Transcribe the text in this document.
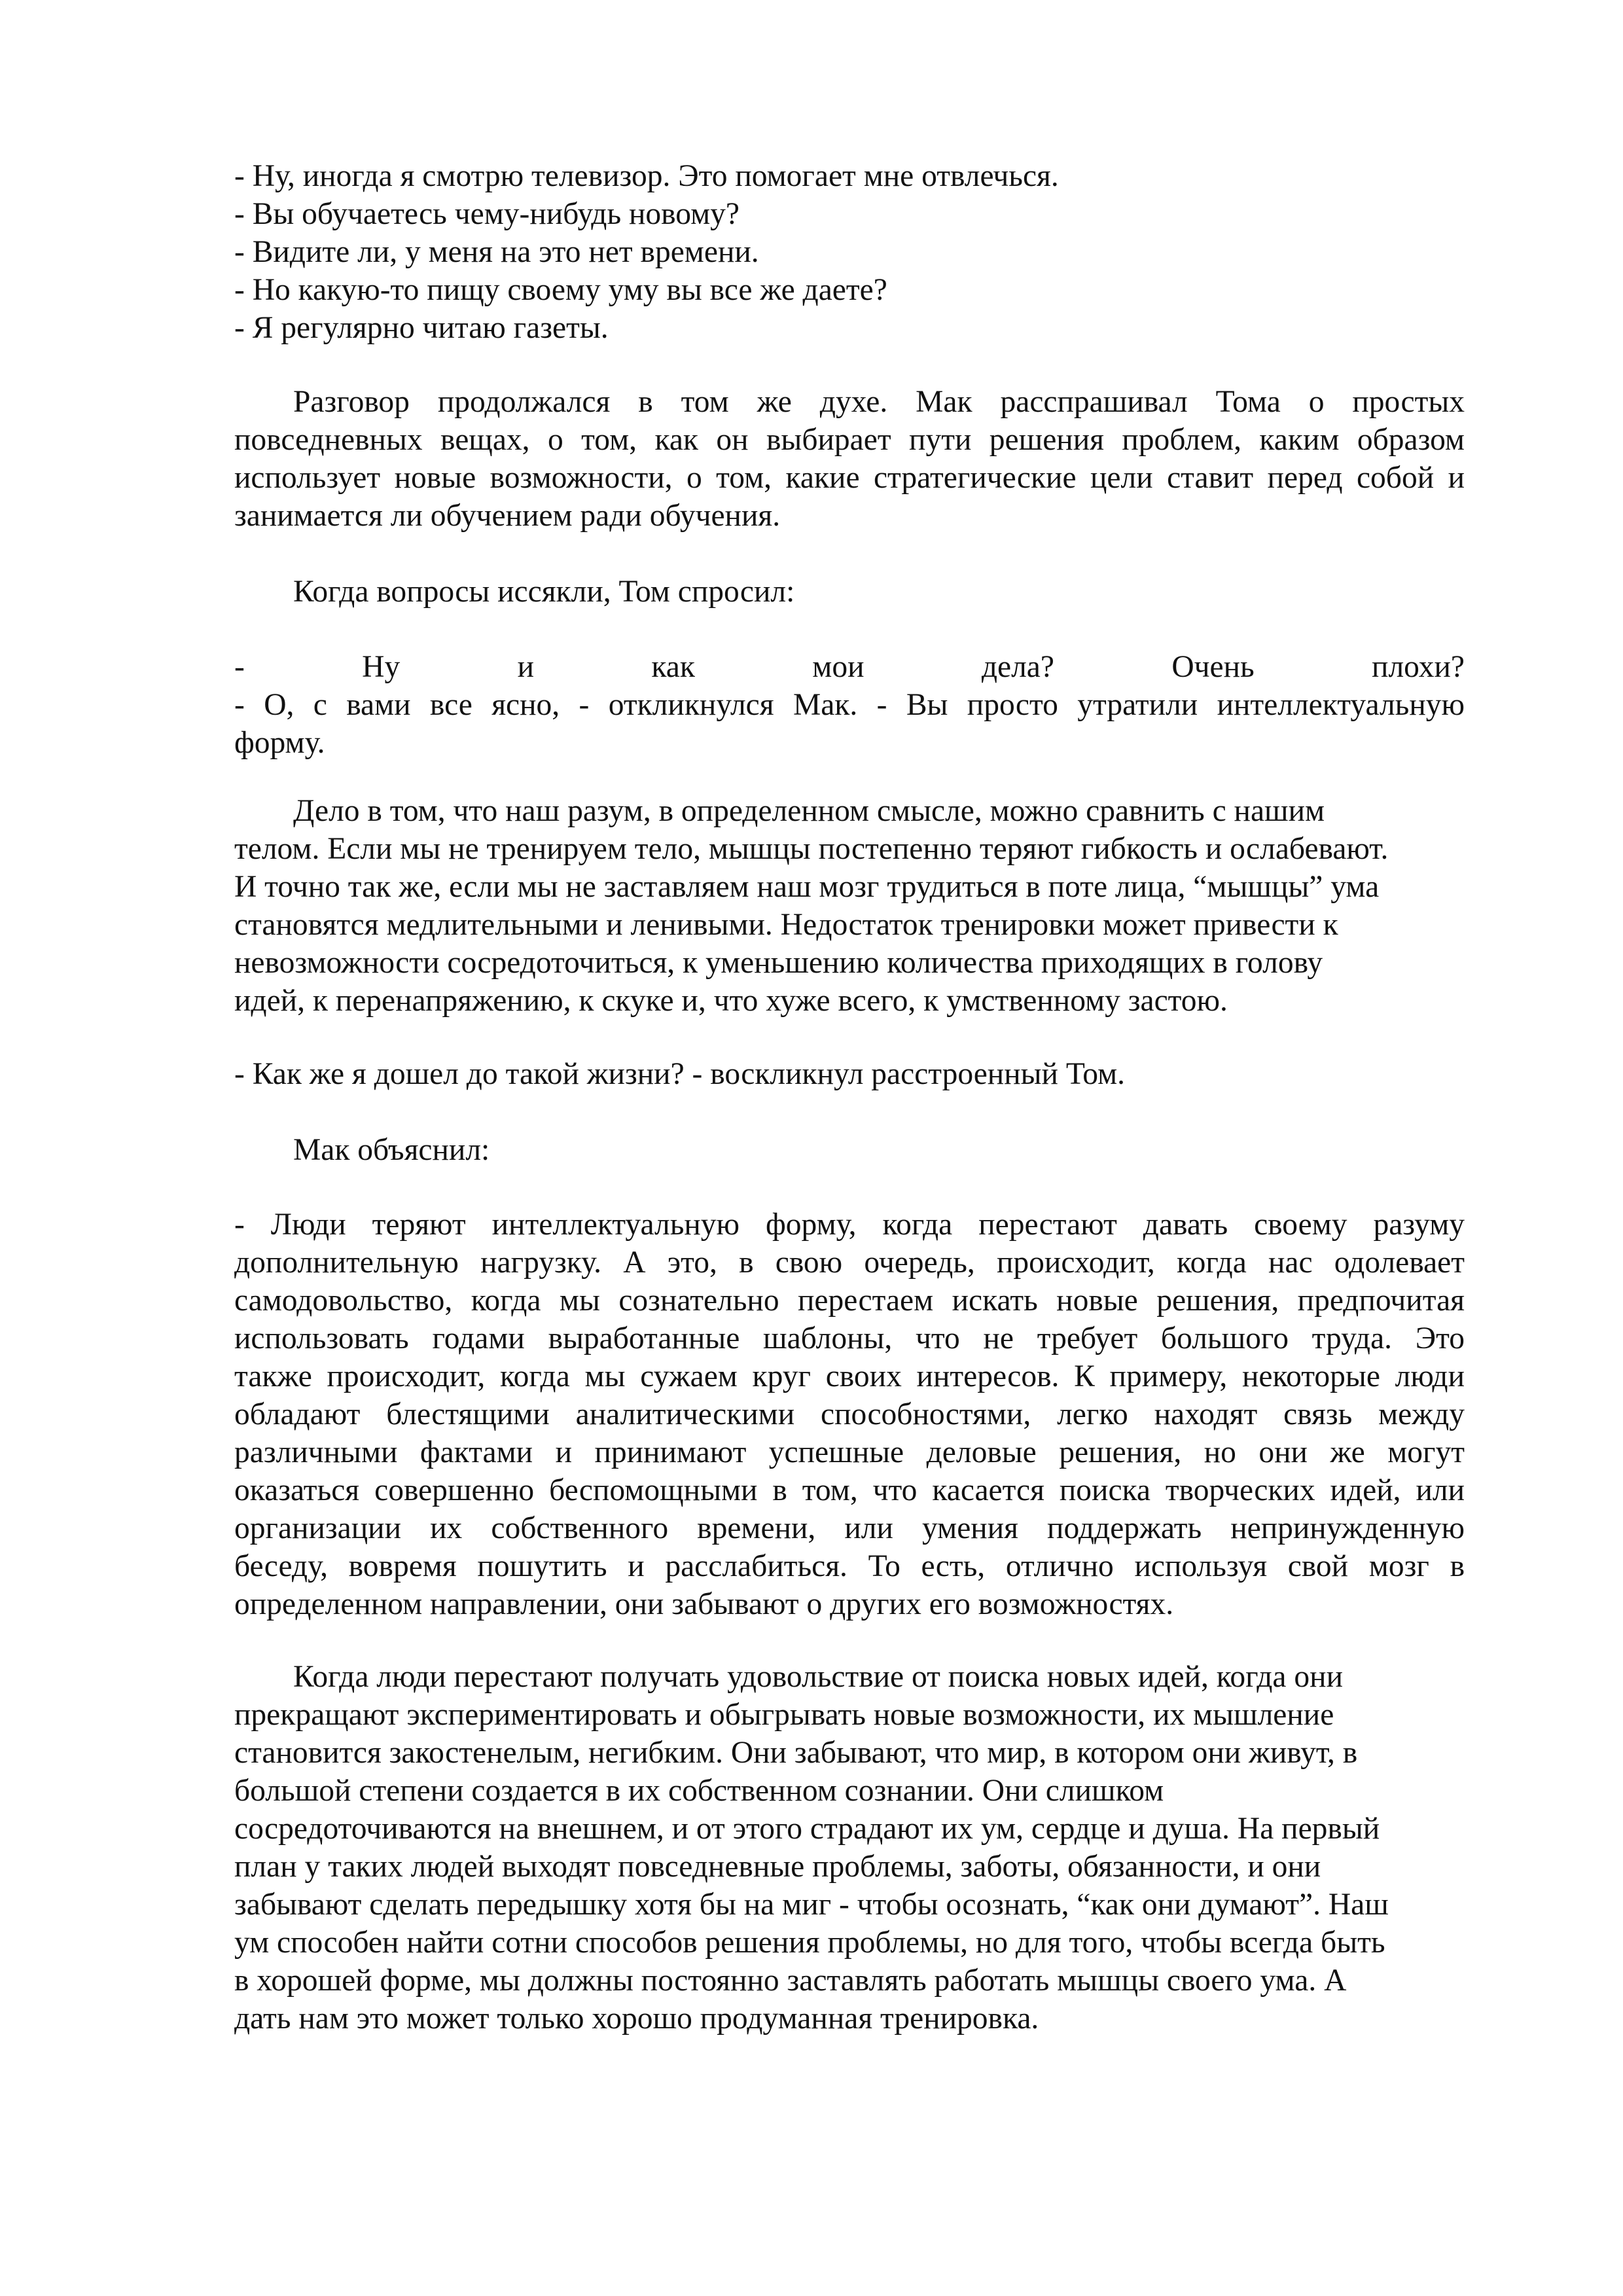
- Ну, иногда я смотрю телевизор. Это помогает мне отвлечься.
- Вы обучаетесь чему-нибудь новому?
- Видите ли, у меня на это нет времени.
- Но какую-то пищу своему уму вы все же даете?
- Я регулярно читаю газеты.
Разговор продолжался в том же духе. Мак расспрашивал Тома о простых
повседневных вещах, о том, как он выбирает пути решения проблем, каким образом
использует новые возможности, о том, какие стратегические цели ставит перед собой и
занимается ли обучением ради обучения.
Когда вопросы иссякли, Том спросил:
- Ну и как мои дела? Очень плохи?
- О, с вами все ясно, - откликнулся Мак. - Вы просто утратили интеллектуальную
форму.
Дело в том, что наш разум, в определенном смысле, можно сравнить с нашим
телом. Если мы не тренируем тело, мышцы постепенно теряют гибкость и ослабевают.
И точно так же, если мы не заставляем наш мозг трудиться в поте лица, “мышцы” ума
становятся медлительными и ленивыми. Недостаток тренировки может привести к
невозможности сосредоточиться, к уменьшению количества приходящих в голову
идей, к перенапряжению, к скуке и, что хуже всего, к умственному застою.
- Как же я дошел до такой жизни? - воскликнул расстроенный Том.
Мак объяснил:
- Люди теряют интеллектуальную форму, когда перестают давать своему разуму
дополнительную нагрузку. А это, в свою очередь, происходит, когда нас одолевает
самодовольство, когда мы сознательно перестаем искать новые решения, предпочитая
использовать годами выработанные шаблоны, что не требует большого труда. Это
также происходит, когда мы сужаем круг своих интересов. К примеру, некоторые люди
обладают блестящими аналитическими способностями, легко находят связь между
различными фактами и принимают успешные деловые решения, но они же могут
оказаться совершенно беспомощными в том, что касается поиска творческих идей, или
организации их собственного времени, или умения поддержать непринужденную
беседу, вовремя пошутить и расслабиться. То есть, отлично используя свой мозг в
определенном направлении, они забывают о других его возможностях.
Когда люди перестают получать удовольствие от поиска новых идей, когда они
прекращают экспериментировать и обыгрывать новые возможности, их мышление
становится закостенелым, негибким. Они забывают, что мир, в котором они живут, в
большой степени создается в их собственном сознании. Они слишком
сосредоточиваются на внешнем, и от этого страдают их ум, сердце и душа. На первый
план у таких людей выходят повседневные проблемы, заботы, обязанности, и они
забывают сделать передышку хотя бы на миг - чтобы осознать, “как они думают”. Наш
ум способен найти сотни способов решения проблемы, но для того, чтобы всегда быть
в хорошей форме, мы должны постоянно заставлять работать мышцы своего ума. А
дать нам это может только хорошо продуманная тренировка.
